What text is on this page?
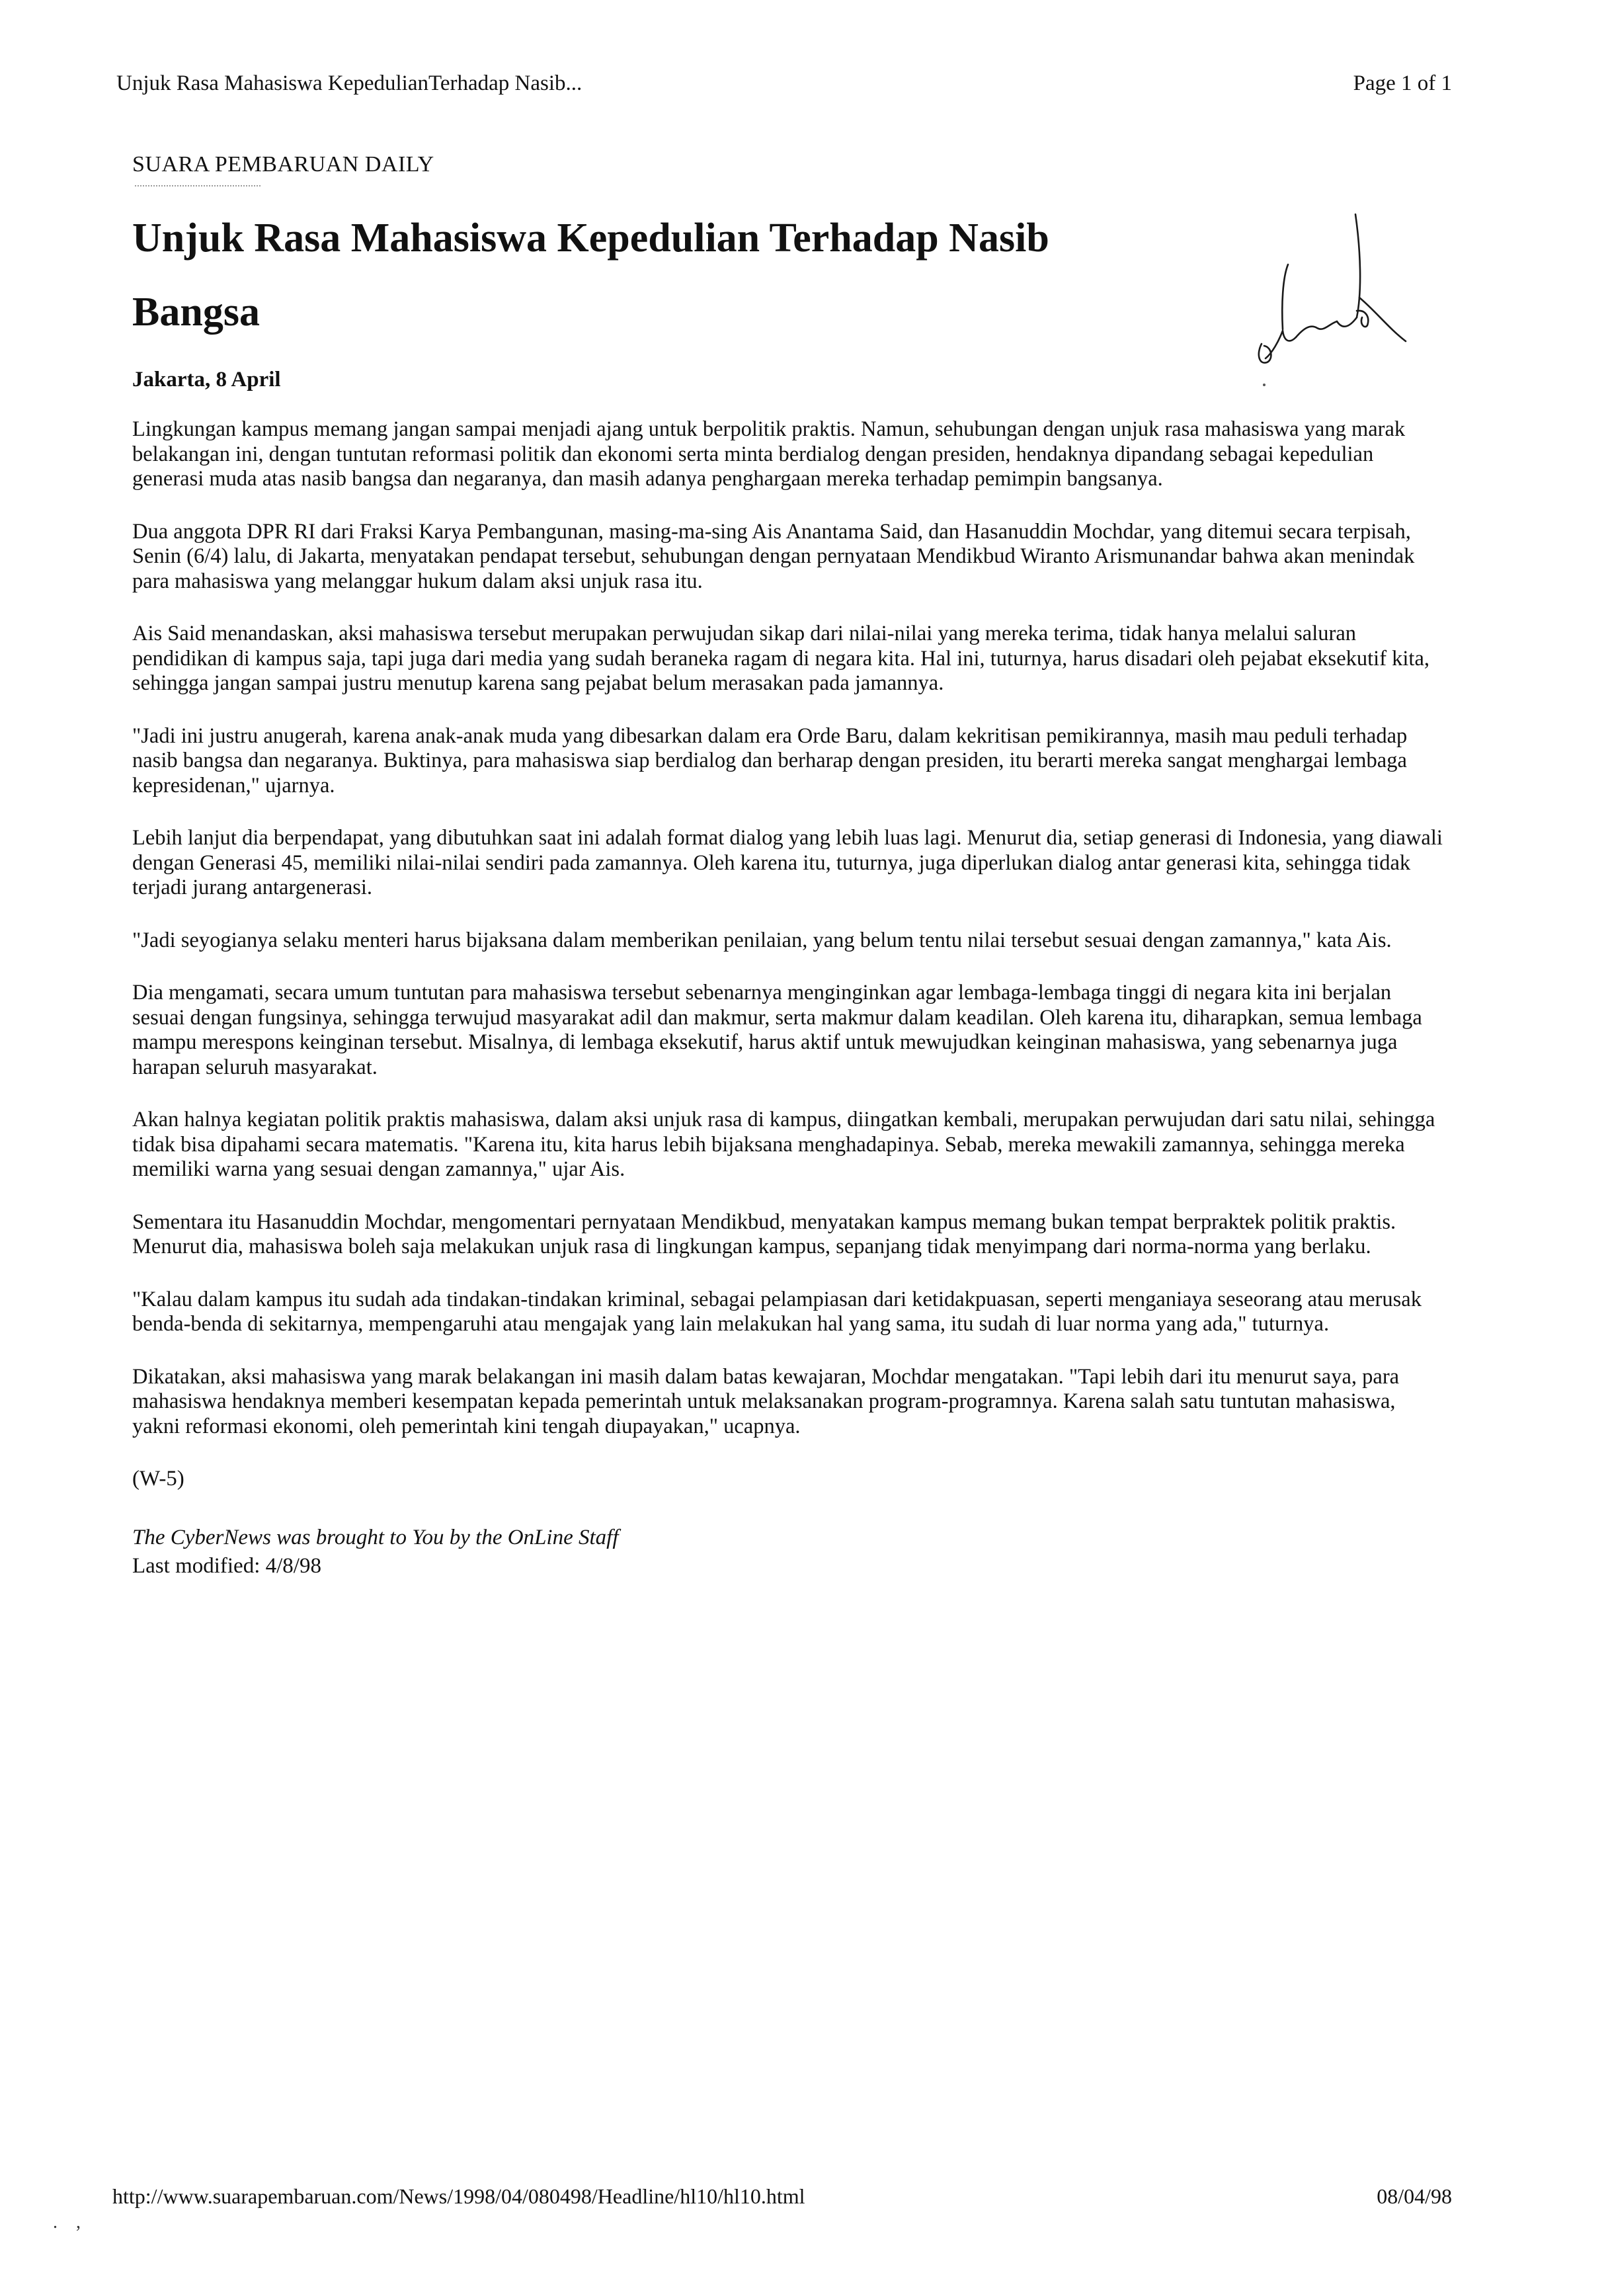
Unjuk Rasa Mahasiswa KepedulianTerhadap Nasib...	Page 1 of 1
SUARA PEMBARUAN DAILY
Unjuk Rasa Mahasiswa Kepedulian Terhadap Nasib Bangsa
Jakarta, 8 April

Lingkungan kampus memang jangan sampai menjadi ajang untuk berpolitik praktis. Namun, sehubungan dengan unjuk rasa mahasiswa yang marak belakangan ini, dengan tuntutan reformasi politik dan ekonomi serta minta berdialog dengan presiden, hendaknya dipandang sebagai kepedulian generasi muda atas nasib bangsa dan negaranya, dan masih adanya penghargaan mereka terhadap pemimpin bangsanya.

Dua anggota DPR RI dari Fraksi Karya Pembangunan, masing-ma-sing Ais Anantama Said, dan Hasanuddin Mochdar, yang ditemui secara terpisah, Senin (6/4) lalu, di Jakarta, menyatakan pendapat tersebut, sehubungan dengan pernyataan Mendikbud Wiranto Arismunandar bahwa akan menindak para mahasiswa yang melanggar hukum dalam aksi unjuk rasa itu.

Ais Said menandaskan, aksi mahasiswa tersebut merupakan perwujudan sikap dari nilai-nilai yang mereka terima, tidak hanya melalui saluran pendidikan di kampus saja, tapi juga dari media yang sudah beraneka ragam di negara kita. Hal ini, tuturnya, harus disadari oleh pejabat eksekutif kita, sehingga jangan sampai justru menutup karena sang pejabat belum merasakan pada jamannya.

"Jadi ini justru anugerah, karena anak-anak muda yang dibesarkan dalam era Orde Baru, dalam kekritisan pemikirannya, masih mau peduli terhadap nasib bangsa dan negaranya. Buktinya, para mahasiswa siap berdialog dan berharap dengan presiden, itu berarti mereka sangat menghargai lembaga kepresidenan," ujarnya.

Lebih lanjut dia berpendapat, yang dibutuhkan saat ini adalah format dialog yang lebih luas lagi. Menurut dia, setiap generasi di Indonesia, yang diawali dengan Generasi 45, memiliki nilai-nilai sendiri pada zamannya. Oleh karena itu, tuturnya, juga diperlukan dialog antar generasi kita, sehingga tidak terjadi jurang antargenerasi.

"Jadi seyogianya selaku menteri harus bijaksana dalam memberikan penilaian, yang belum tentu nilai tersebut sesuai dengan zamannya," kata Ais.

Dia mengamati, secara umum tuntutan para mahasiswa tersebut sebenarnya menginginkan agar lembaga-lembaga tinggi di negara kita ini berjalan sesuai dengan fungsinya, sehingga terwujud masyarakat adil dan makmur, serta makmur dalam keadilan. Oleh karena itu, diharapkan, semua lembaga mampu merespons keinginan tersebut. Misalnya, di lembaga eksekutif, harus aktif untuk mewujudkan keinginan mahasiswa, yang sebenarnya juga harapan seluruh masyarakat.

Akan halnya kegiatan politik praktis mahasiswa, dalam aksi unjuk rasa di kampus, diingatkan kembali, merupakan perwujudan dari satu nilai, sehingga tidak bisa dipahami secara matematis. "Karena itu, kita harus lebih bijaksana menghadapinya. Sebab, mereka mewakili zamannya, sehingga mereka memiliki warna yang sesuai dengan zamannya," ujar Ais.

Sementara itu Hasanuddin Mochdar, mengomentari pernyataan Mendikbud, menyatakan kampus memang bukan tempat berpraktek politik praktis. Menurut dia, mahasiswa boleh saja melakukan unjuk rasa di lingkungan kampus, sepanjang tidak menyimpang dari norma-norma yang berlaku.

"Kalau dalam kampus itu sudah ada tindakan-tindakan kriminal, sebagai pelampiasan dari ketidakpuasan, seperti menganiaya seseorang atau merusak benda-benda di sekitarnya, mempengaruhi atau mengajak yang lain melakukan hal yang sama, itu sudah di luar norma yang ada," tuturnya.

Dikatakan, aksi mahasiswa yang marak belakangan ini masih dalam batas kewajaran, Mochdar mengatakan. "Tapi lebih dari itu menurut saya, para mahasiswa hendaknya memberi kesempatan kepada pemerintah untuk melaksanakan program-programnya. Karena salah satu tuntutan mahasiswa, yakni reformasi ekonomi, oleh pemerintah kini tengah diupayakan," ucapnya.

(W-5)
The CyberNews was brought to You by the OnLine Staff
Last modified: 4/8/98
http://www.suarapembaruan.com/News/1998/04/080498/Headline/hl10/hl10.html	08/04/98
.    ,
